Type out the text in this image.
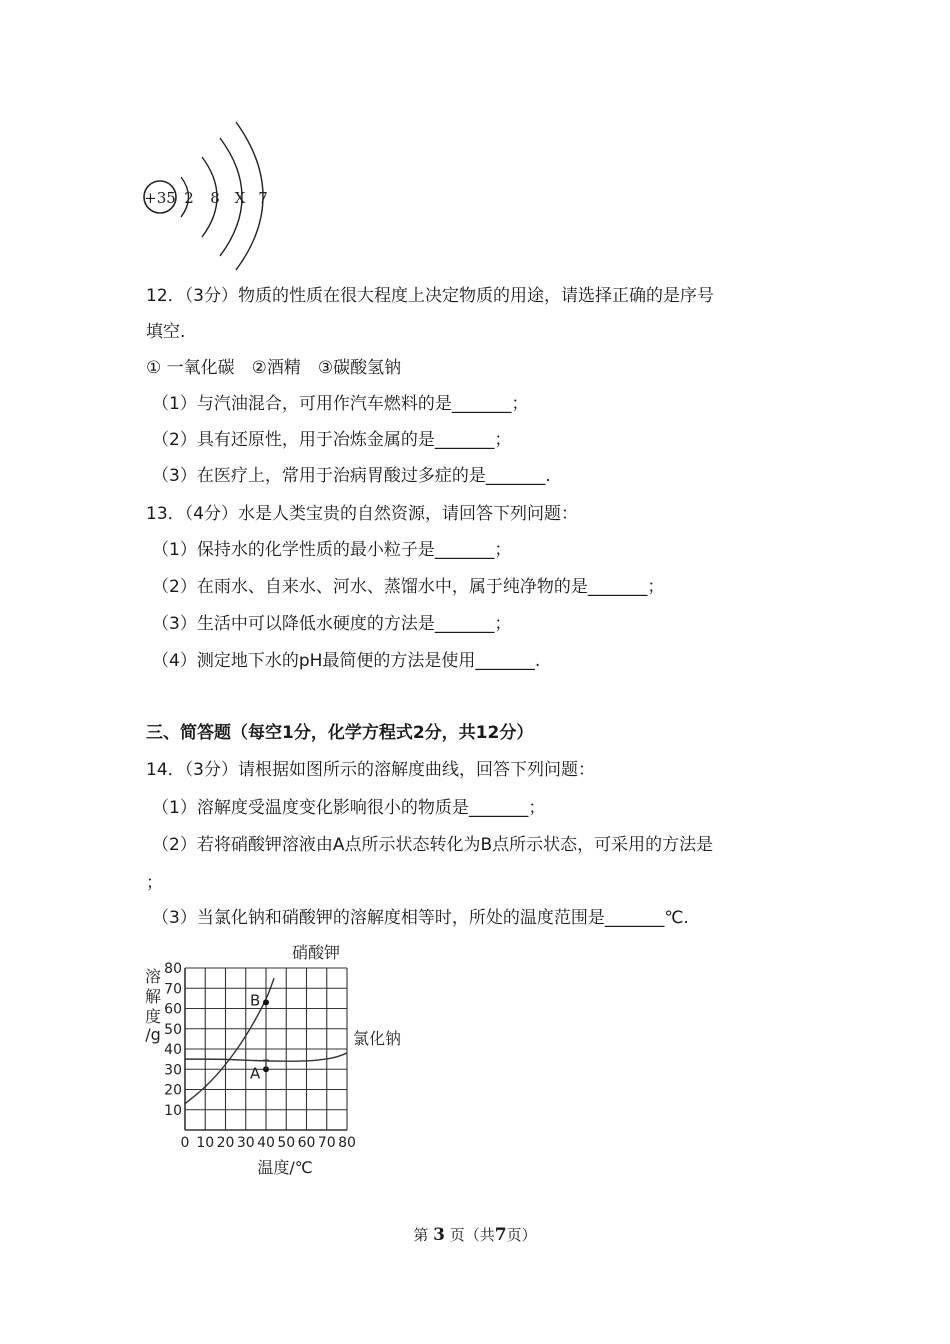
+35 2 8 X 7
12．（3分）物质的性质在很大程度上决定物质的用途，请选择正确的是序号
填空.
① 一氧化碳　②酒精　③碳酸氢钠
（1）与汽油混合，可用作汽车燃料的是_______；
（2）具有还原性，用于冶炼金属的是_______；
（3）在医疗上，常用于治病胃酸过多症的是_______.
13．（4分）水是人类宝贵的自然资源，请回答下列问题：
（1）保持水的化学性质的最小粒子是_______；
（2）在雨水、自来水、河水、蒸馏水中，属于纯净物的是_______；
（3）生活中可以降低水硬度的方法是_______；
（4）测定地下水的pH最简便的方法是使用_______.
三、简答题（每空1分，化学方程式2分，共12分）
14．（3分）请根据如图所示的溶解度曲线，回答下列问题：
（1）溶解度受温度变化影响很小的物质是_______；
（2）若将硝酸钾溶液由A点所示状态转化为B点所示状态，可采用的方法是
；
（3）当氯化钠和硝酸钾的溶解度相等时，所处的温度范围是_______℃.
0 10 20 30 40 50 60 70 80
10
20
30
40
50
60
70
80
溶
解
度
/g
A
B
硝酸钾
氯化钠
温度/℃
第 3 页（共7页）
